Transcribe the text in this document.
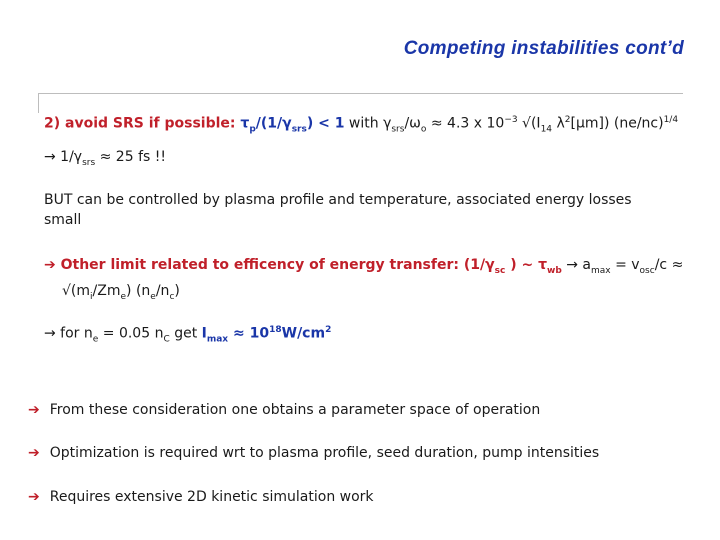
Competing instabilities cont’d
2) avoid SRS if possible: $\tau_p/(1/\gamma_{srs}) < 1$ with $\gamma_{srs}/\omega_o \approx 4.3$ x $10^{-3}$ $√(I_{14}$ $\lambda^2[\mu m]$) $(ne/nc)^{1/4}$
→ $1/\gamma_{srs} \approx 25$ fs !!
BUT can be controlled by plasma profile and temperature, associated energy losses small
➔ Other limit related to efficency of energy transfer: ($1/\gamma_{sc}$ ) ~ $\tau_{wb} \to a_{max} = v_{osc}/c$ ≈
$√(m_i/Zm_e)$ $(n_e/n_c)$
→ for $n_e = 0.05$ $n_C$ get $I_{max} \approx 10^{18}W/cm^2$
➔ From these consideration one obtains a parameter space of operation
➔ Optimization is required wrt to plasma profile, seed duration, pump intensities
➔ Requires extensive 2D kinetic simulation work
